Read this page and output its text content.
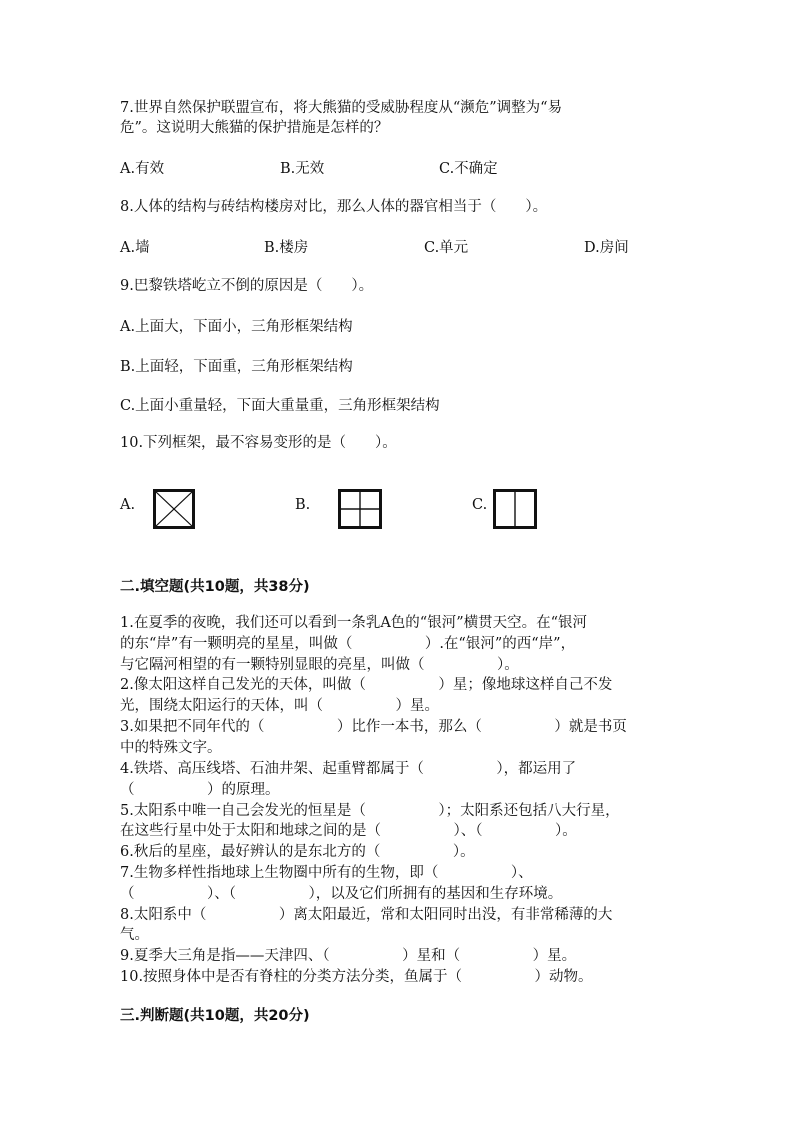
7.世界自然保护联盟宣布，将大熊猫的受威胁程度从“濒危”调整为“易
危”。这说明大熊猫的保护措施是怎样的？
A.有效	B.无效	C.不确定
8.人体的结构与砖结构楼房对比，那么人体的器官相当于（　　）。
A.墙	B.楼房	C.单元	D.房间
9.巴黎铁塔屹立不倒的原因是（　　）。
A.上面大，下面小，三角形框架结构
B.上面轻，下面重，三角形框架结构
C.上面小重量轻，下面大重量重，三角形框架结构
10.下列框架，最不容易变形的是（　　）。
A.	B.	C.
二.填空题(共10题，共38分)
1.在夏季的夜晚，我们还可以看到一条乳A色的“银河”横贯天空。在“银河
的东“岸”有一颗明亮的星星，叫做（　　　　　）.在“银河”的西“岸”，
与它隔河相望的有一颗特别显眼的亮星，叫做（　　　　　）。
2.像太阳这样自己发光的天体，叫做（　　　　　）星；像地球这样自己不发
光，围绕太阳运行的天体，叫（　　　　　）星。
3.如果把不同年代的（　　　　　）比作一本书，那么（　　　　　）就是书页
中的特殊文字。
4.铁塔、高压线塔、石油井架、起重臂都属于（　　　　　），都运用了
（　　　　　）的原理。
5.太阳系中唯一自己会发光的恒星是（　　　　　）；太阳系还包括八大行星，
在这些行星中处于太阳和地球之间的是（　　　　　）、（　　　　　）。
6.秋后的星座，最好辨认的是东北方的（　　　　　）。
7.生物多样性指地球上生物圈中所有的生物，即（　　　　　）、
（　　　　　）、（　　　　　），以及它们所拥有的基因和生存环境。
8.太阳系中（　　　　　）离太阳最近，常和太阳同时出没，有非常稀薄的大
气。
9.夏季大三角是指——天津四、（　　　　　）星和（　　　　　）星。
10.按照身体中是否有脊柱的分类方法分类，鱼属于（　　　　　）动物。
三.判断题(共10题，共20分)
